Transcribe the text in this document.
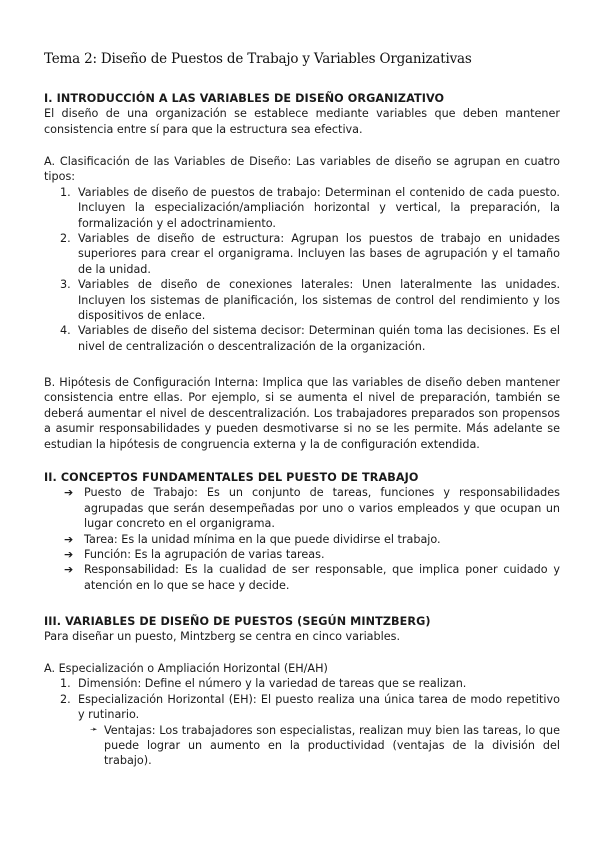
Tema 2: Diseño de Puestos de Trabajo y Variables Organizativas
I. INTRODUCCIÓN A LAS VARIABLES DE DISEÑO ORGANIZATIVO

El diseño de una organización se establece mediante variables que deben mantener consistencia entre sí para que la estructura sea efectiva.

A. Clasificación de las Variables de Diseño: Las variables de diseño se agrupan en cuatro tipos:

1. Variables de diseño de puestos de trabajo: Determinan el contenido de cada puesto. Incluyen la especialización/ampliación horizontal y vertical, la preparación, la formalización y el adoctrinamiento.
2. Variables de diseño de estructura: Agrupan los puestos de trabajo en unidades superiores para crear el organigrama. Incluyen las bases de agrupación y el tamaño de la unidad.
3. Variables de diseño de conexiones laterales: Unen lateralmente las unidades. Incluyen los sistemas de planificación, los sistemas de control del rendimiento y los dispositivos de enlace.
4. Variables de diseño del sistema decisor: Determinan quién toma las decisiones. Es el nivel de centralización o descentralización de la organización.

B. Hipótesis de Configuración Interna: Implica que las variables de diseño deben mantener consistencia entre ellas. Por ejemplo, si se aumenta el nivel de preparación, también se deberá aumentar el nivel de descentralización. Los trabajadores preparados son propensos a asumir responsabilidades y pueden desmotivarse si no se les permite. Más adelante se estudian la hipótesis de congruencia externa y la de configuración extendida.

II. CONCEPTOS FUNDAMENTALES DEL PUESTO DE TRABAJO
➔ Puesto de Trabajo: Es un conjunto de tareas, funciones y responsabilidades agrupadas que serán desempeñadas por uno o varios empleados y que ocupan un lugar concreto en el organigrama.
➔ Tarea: Es la unidad mínima en la que puede dividirse el trabajo.
➔ Función: Es la agrupación de varias tareas.
➔ Responsabilidad: Es la cualidad de ser responsable, que implica poner cuidado y atención en lo que se hace y decide.
III. VARIABLES DE DISEÑO DE PUESTOS (SEGÚN MINTZBERG)

Para diseñar un puesto, Mintzberg se centra en cinco variables.

A. Especialización o Ampliación Horizontal (EH/AH)

1. Dimensión: Define el número y la variedad de tareas que se realizan.
2. Especialización Horizontal (EH): El puesto realiza una única tarea de modo repetitivo y rutinario.
➛ Ventajas: Los trabajadores son especialistas, realizan muy bien las tareas, lo que puede lograr un aumento en la productividad (ventajas de la división del trabajo).
